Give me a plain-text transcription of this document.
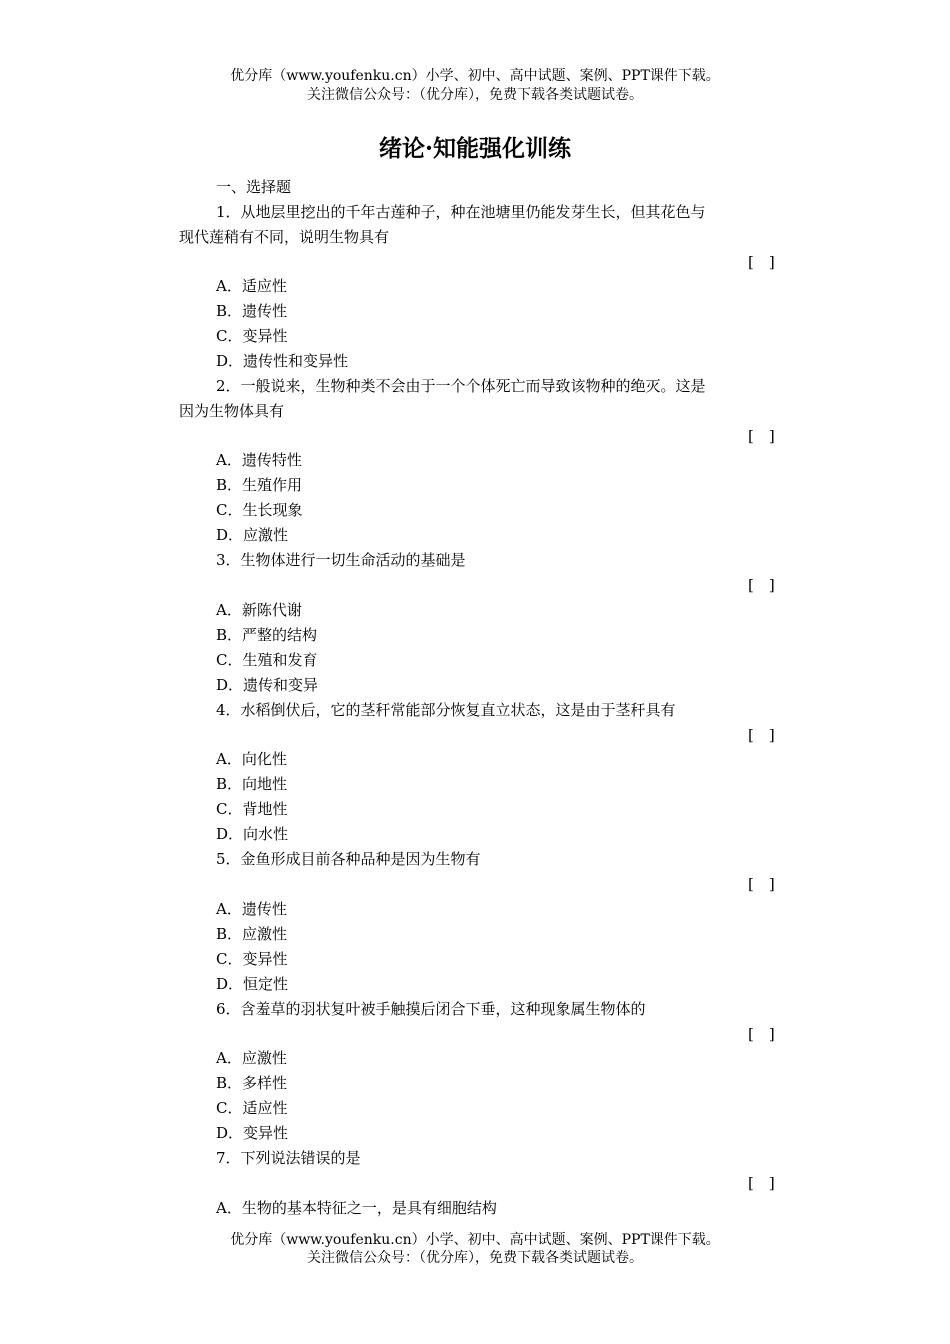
优分库（www.youfenku.cn）小学、初中、高中试题、案例、PPT课件下载。
关注微信公众号：（优分库），免费下载各类试题试卷。
绪论·知能强化训练
一、选择题
1．从地层里挖出的千年古莲种子，种在池塘里仍能发芽生长，但其花色与
现代莲稍有不同，说明生物具有
[　]
A．适应性
B．遗传性
C．变异性
D．遗传性和变异性
2．一般说来，生物种类不会由于一个个体死亡而导致该物种的绝灭。这是
因为生物体具有
[　]
A．遗传特性
B．生殖作用
C．生长现象
D．应激性
3．生物体进行一切生命活动的基础是
[　]
A．新陈代谢
B．严整的结构
C．生殖和发育
D．遗传和变异
4．水稻倒伏后，它的茎秆常能部分恢复直立状态，这是由于茎秆具有
[　]
A．向化性
B．向地性
C．背地性
D．向水性
5．金鱼形成目前各种品种是因为生物有
[　]
A．遗传性
B．应激性
C．变异性
D．恒定性
6．含羞草的羽状复叶被手触摸后闭合下垂，这种现象属生物体的
[　]
A．应激性
B．多样性
C．适应性
D．变异性
7．下列说法错误的是
[　]
A．生物的基本特征之一，是具有细胞结构
优分库（www.youfenku.cn）小学、初中、高中试题、案例、PPT课件下载。
关注微信公众号：（优分库），免费下载各类试题试卷。
